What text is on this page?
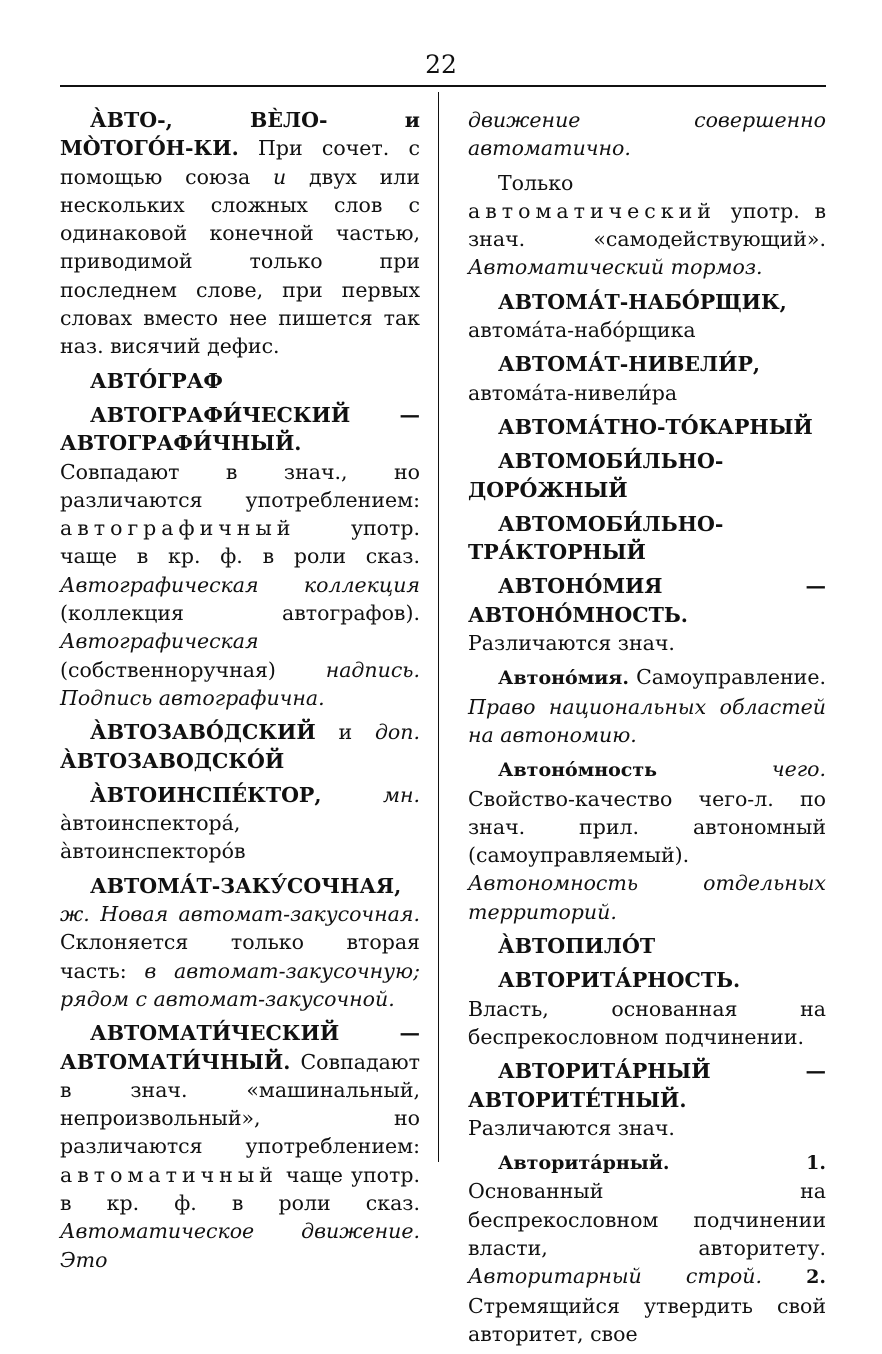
22

А̀ВТО-, ВЀЛО- и МО̀ТОГО́Н-КИ. При сочет. с помощью союза и двух или нескольких сложных слов с одинаковой конечной частью, приводимой только при последнем слове, при первых словах вместо нее пишется так наз. висячий дефис.

АВТО́ГРАФ

АВТОГРАФИ́ЧЕСКИЙ — АВТОГРАФИ́ЧНЫЙ. Совпадают в знач., но различаются употреблением: автографичный употр. чаще в кр. ф. в роли сказ. Автографическая коллекция (коллекция автографов). Автографическая (собственноручная) надпись. Подпись автографична.

А̀ВТОЗАВО́ДСКИЙ и доп. А̀ВТОЗАВОДСКО́Й

А̀ВТОИНСПЕ́КТОР,	мн. а̀втоинспектора́, а̀втоинспекторо́в

АВТОМА́Т-ЗАКУ́СОЧНАЯ, ж. Новая автомат-закусочная. Склоняется только вторая часть: в автомат-закусочную; рядом с автомат-закусочной.

АВТОМАТИ́ЧЕСКИЙ — АВТОМАТИ́ЧНЫЙ. Совпадают в знач. «машинальный, непроизвольный», но различаются употреблением: автоматичный чаще употр. в кр. ф. в роли сказ. Автоматическое движение. Это

движение совершенно автоматично.

Только автоматический употр. в знач. «самодействующий». Автоматический тормоз.

АВТОМА́Т-НАБО́РЩИК, автома́та-набо́рщика

АВТОМА́Т-НИВЕЛИ́Р, автома́та-нивели́ра

АВТОМА́ТНО-ТО́КАРНЫЙ

АВТОМОБИ́ЛЬНО-ДОРО́ЖНЫЙ

АВТОМОБИ́ЛЬНО-ТРА́КТОРНЫЙ

АВТОНО́МИЯ — АВТОНО́МНОСТЬ. Различаются знач.

Автоно́мия. Самоуправление. Право национальных областей на автономию.

Автоно́мность	чего. Свойство-качество чего-л. по знач. прил. автономный (самоуправляемый). Автономность отдельных территорий.

А̀ВТОПИЛО́Т

АВТОРИТА́РНОСТЬ. Власть, основанная на беспрекословном подчинении.

АВТОРИТА́РНЫЙ — АВТОРИТЕ́ТНЫЙ. Различаются знач.

Авторита́рный.	1. Основанный на беспрекословном подчинении власти, авторитету. Авторитарный строй. 2. Стремящийся утвердить свой авторитет, свое
